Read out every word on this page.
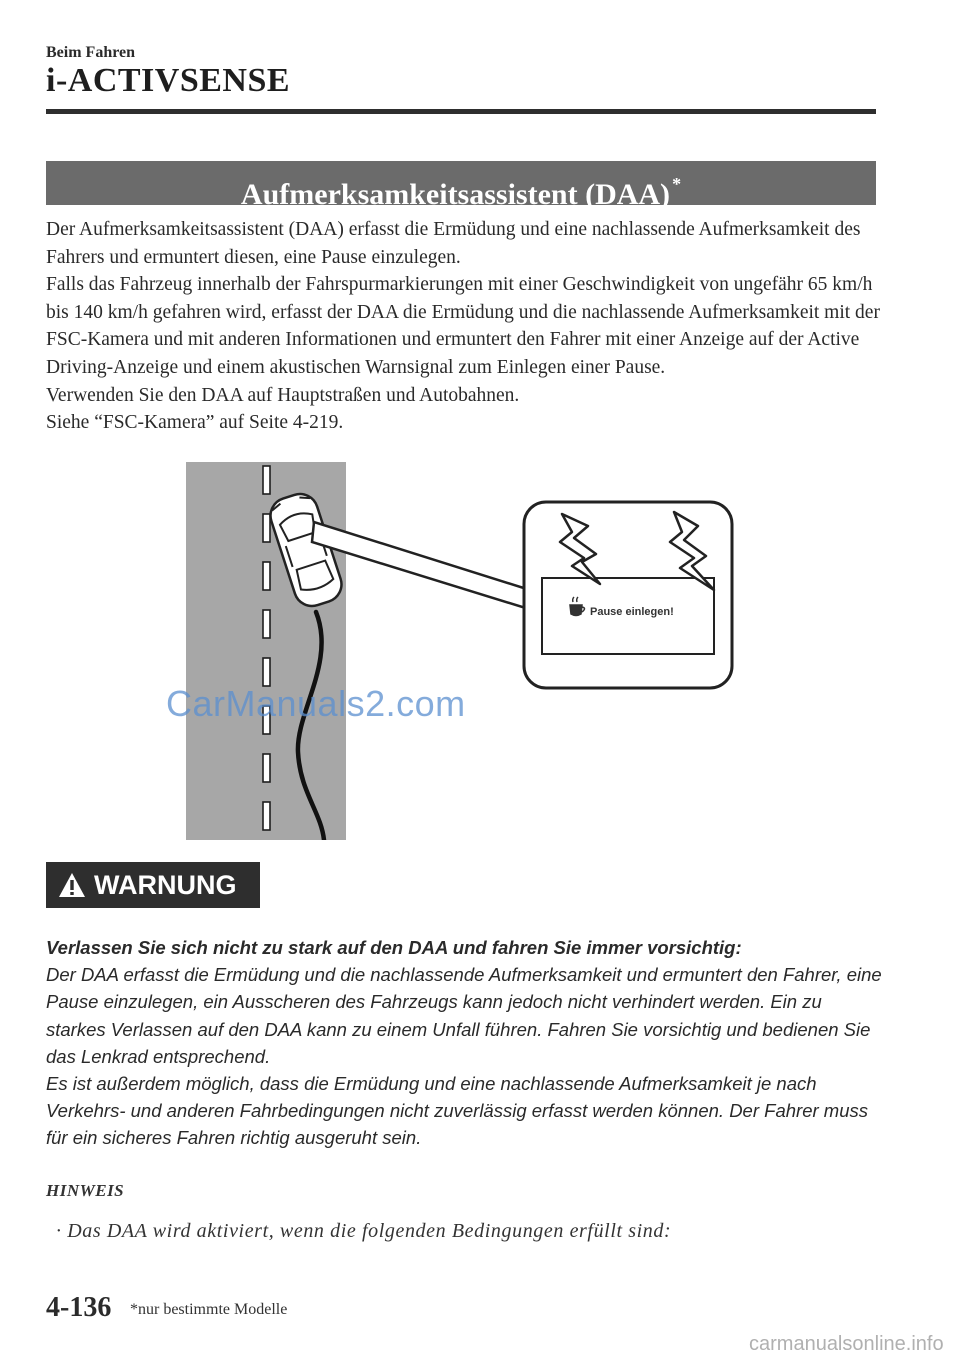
Beim Fahren
i-ACTIVSENSE
Aufmerksamkeitsassistent (DAA) *

Der Aufmerksamkeitsassistent (DAA) erfasst die Ermüdung und eine nachlassende Aufmerksamkeit des Fahrers und ermuntert diesen, eine Pause einzulegen.

Falls das Fahrzeug innerhalb der Fahrspurmarkierungen mit einer Geschwindigkeit von ungefähr 65 km/h bis 140 km/h gefahren wird, erfasst der DAA die Ermüdung und die nachlassende Aufmerksamkeit mit der FSC-Kamera und mit anderen Informationen und ermuntert den Fahrer mit einer Anzeige auf der Active Driving-Anzeige und einem akustischen Warnsignal zum Einlegen einer Pause.

Verwenden Sie den DAA auf Hauptstraßen und Autobahnen.

Siehe “FSC-Kamera” auf Seite 4-219.

Pause einlegen!
CarManuals2.com
WARNUNG

Verlassen Sie sich nicht zu stark auf den DAA und fahren Sie immer vorsichtig:

Der DAA erfasst die Ermüdung und die nachlassende Aufmerksamkeit und ermuntert den Fahrer, eine Pause einzulegen, ein Ausscheren des Fahrzeugs kann jedoch nicht verhindert werden. Ein zu starkes Verlassen auf den DAA kann zu einem Unfall führen. Fahren Sie vorsichtig und bedienen Sie das Lenkrad entsprechend.

Es ist außerdem möglich, dass die Ermüdung und eine nachlassende Aufmerksamkeit je nach Verkehrs- und anderen Fahrbedingungen nicht zuverlässig erfasst werden können. Der Fahrer muss für ein sicheres Fahren richtig ausgeruht sein.

HINWEIS
· Das DAA wird aktiviert, wenn die folgenden Bedingungen erfüllt sind:
4-136 *nur bestimmte Modelle
carmanualsonline.info
